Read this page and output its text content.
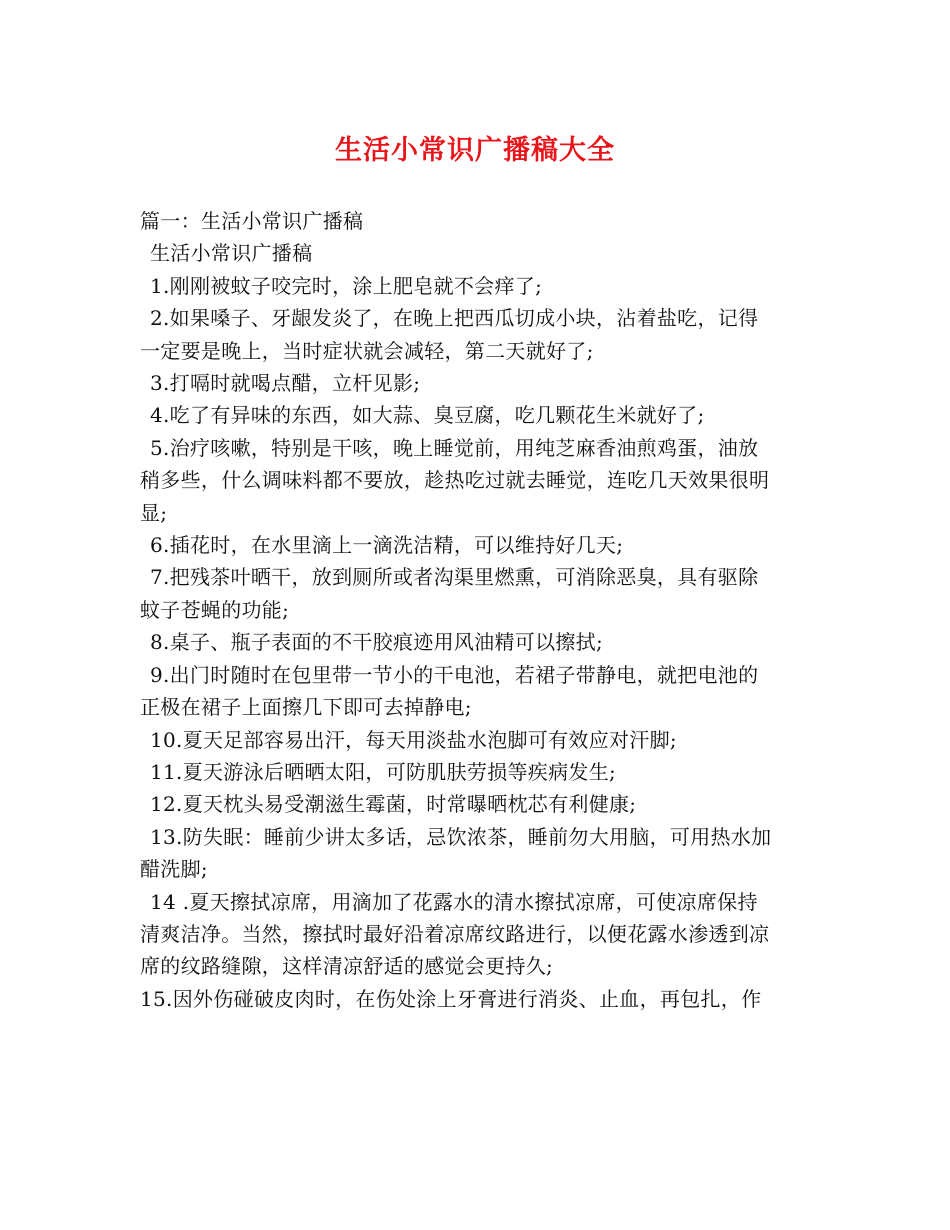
生活小常识广播稿大全

篇一：生活小常识广播稿

生活小常识广播稿

1.刚刚被蚊子咬完时，涂上肥皂就不会痒了;

2.如果嗓子、牙龈发炎了，在晚上把西瓜切成小块，沾着盐吃，记得

一定要是晚上，当时症状就会减轻，第二天就好了;

3.打嗝时就喝点醋，立杆见影;

4.吃了有异味的东西，如大蒜、臭豆腐，吃几颗花生米就好了;

5.治疗咳嗽，特别是干咳，晚上睡觉前，用纯芝麻香油煎鸡蛋，油放

稍多些，什么调味料都不要放，趁热吃过就去睡觉，连吃几天效果很明

显;

6.插花时，在水里滴上一滴洗洁精，可以维持好几天;

7.把残茶叶晒干，放到厕所或者沟渠里燃熏，可消除恶臭，具有驱除

蚊子苍蝇的功能;

8.桌子、瓶子表面的不干胶痕迹用风油精可以擦拭;

9.出门时随时在包里带一节小的干电池，若裙子带静电，就把电池的

正极在裙子上面擦几下即可去掉静电;

10.夏天足部容易出汗，每天用淡盐水泡脚可有效应对汗脚;

11.夏天游泳后晒晒太阳，可防肌肤劳损等疾病发生;

12.夏天枕头易受潮滋生霉菌，时常曝晒枕芯有利健康;

13.防失眠：睡前少讲太多话，忌饮浓茶，睡前勿大用脑，可用热水加

醋洗脚;

14 .夏天擦拭凉席，用滴加了花露水的清水擦拭凉席，可使凉席保持

清爽洁净。当然，擦拭时最好沿着凉席纹路进行，以便花露水渗透到凉

席的纹路缝隙，这样清凉舒适的感觉会更持久;

15.因外伤碰破皮肉时，在伤处涂上牙膏进行消炎、止血，再包扎，作
